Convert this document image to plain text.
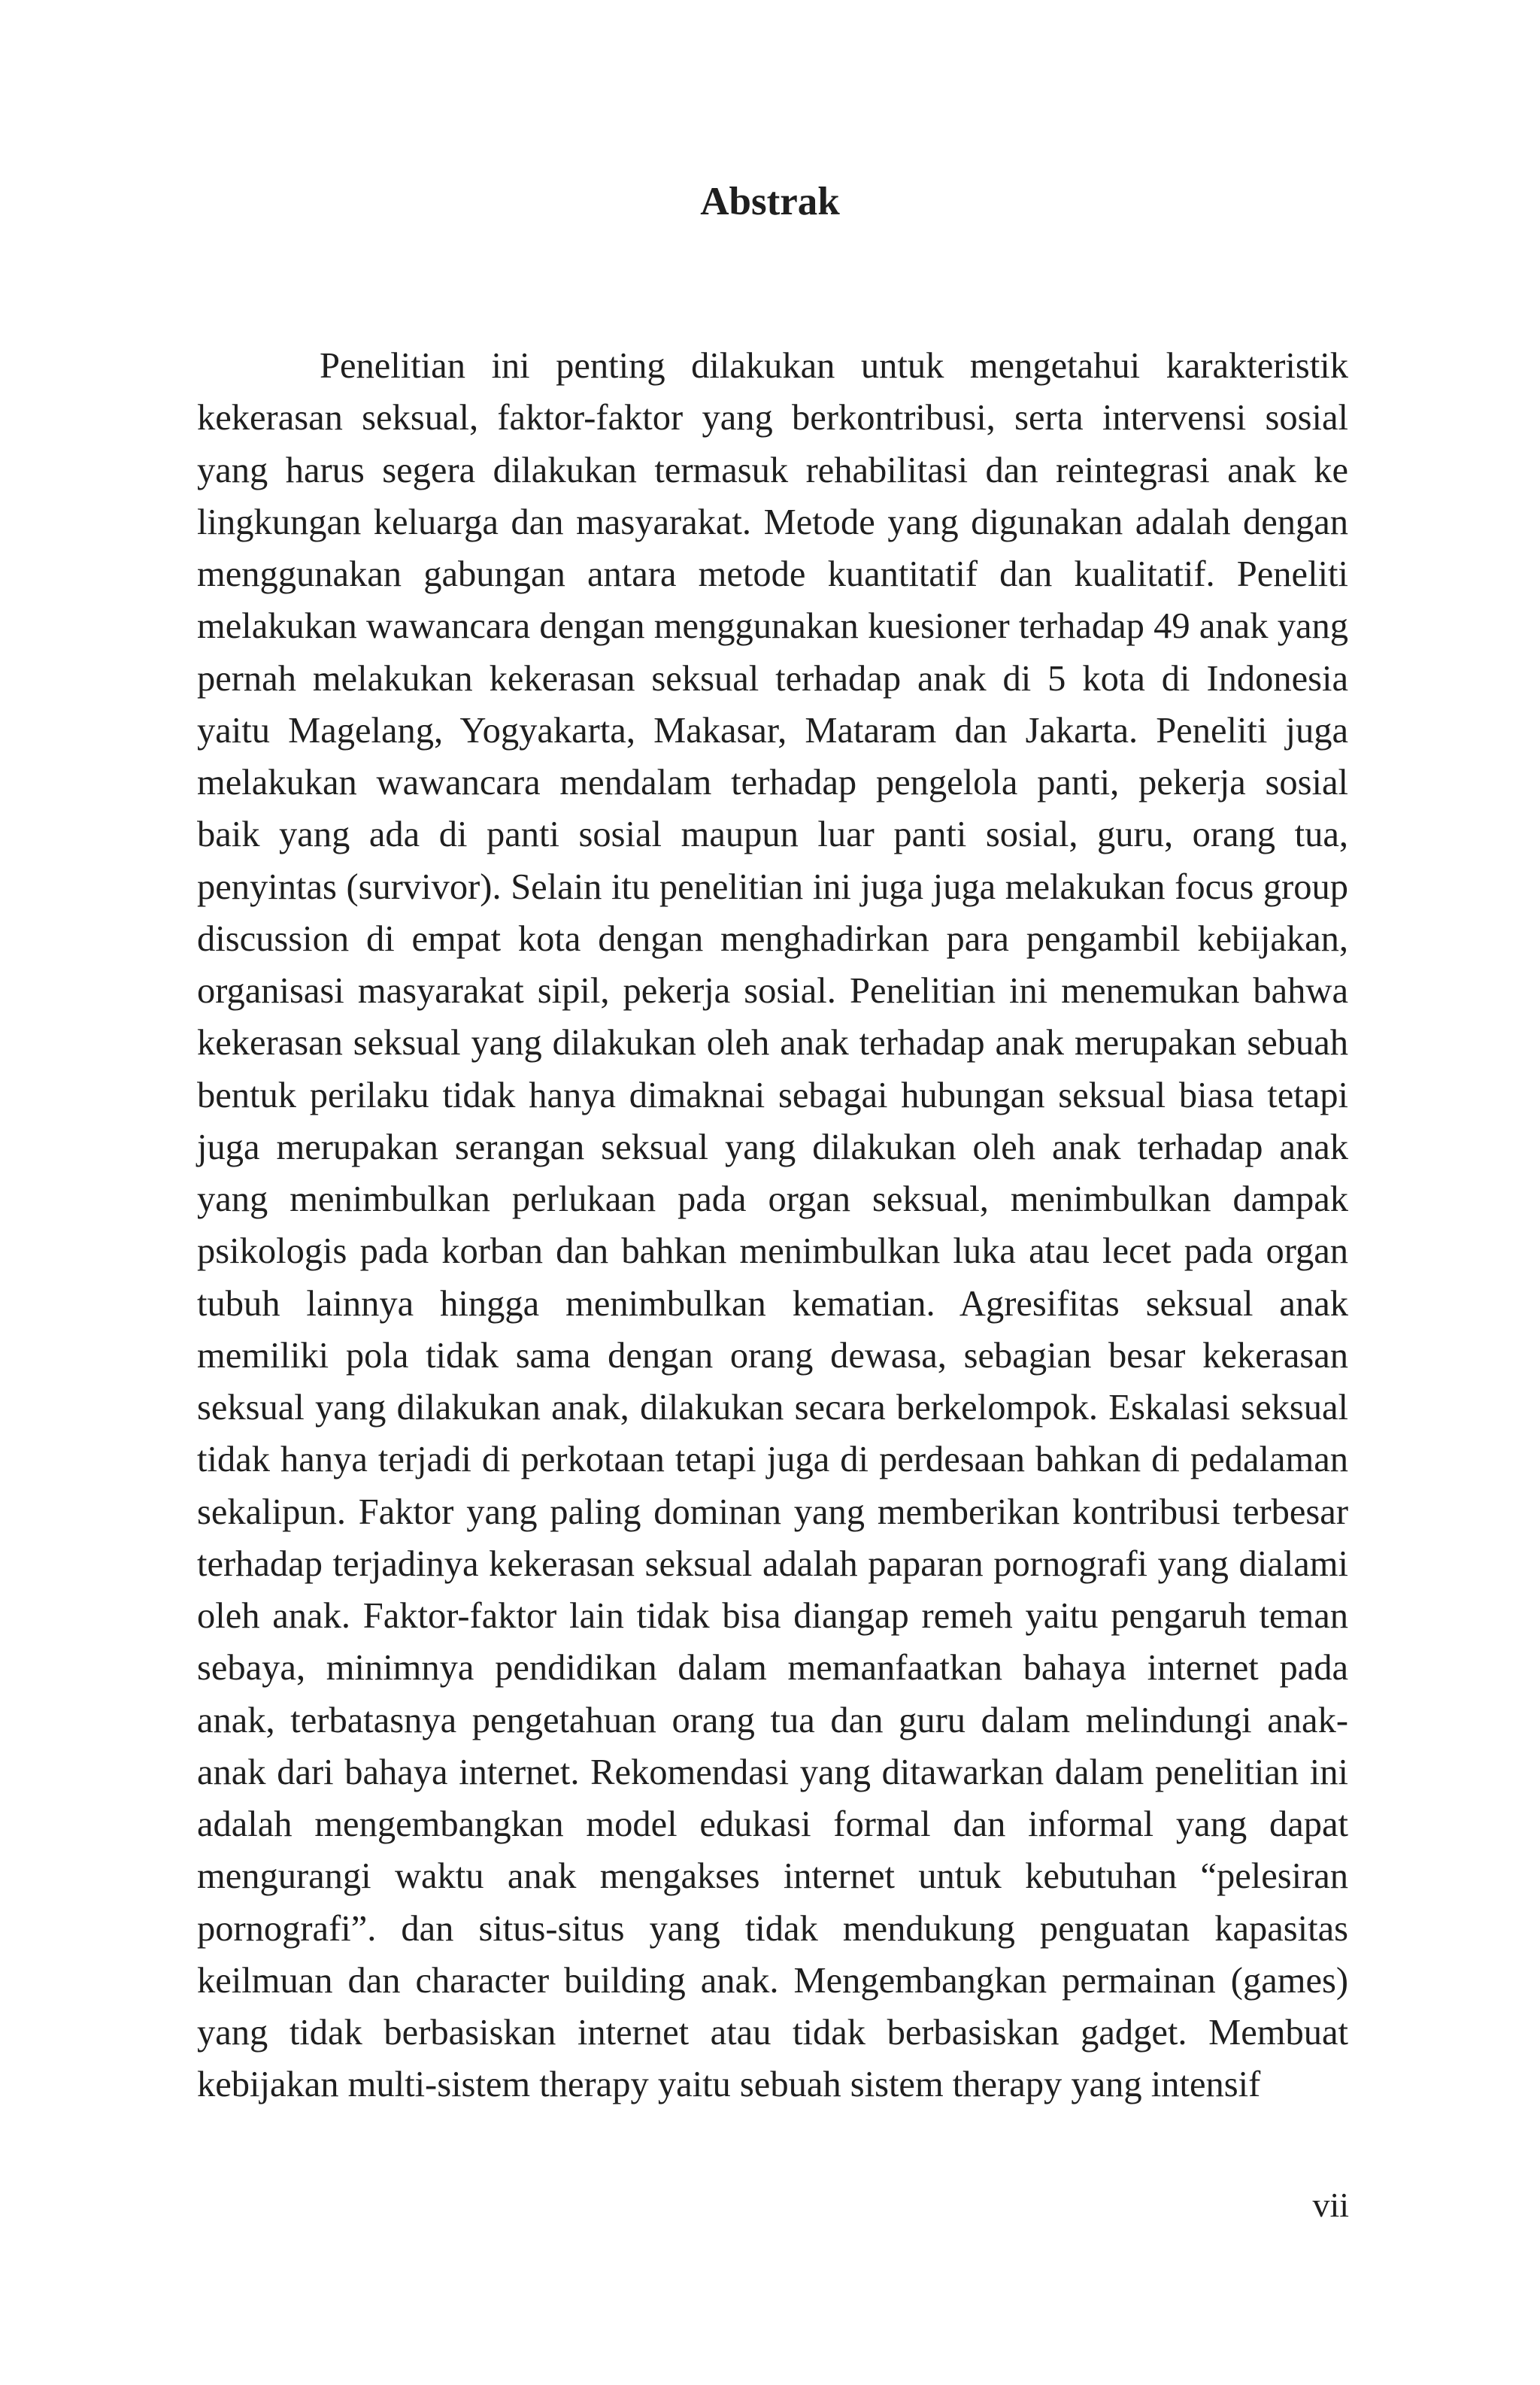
Abstrak

Penelitian ini penting dilakukan untuk mengetahui karakteristik kekerasan seksual, faktor-faktor yang berkontribusi, serta intervensi sosial yang harus segera dilakukan termasuk rehabilitasi dan reintegrasi anak ke lingkungan keluarga dan masyarakat. Metode yang digunakan adalah dengan menggunakan gabungan antara metode kuantitatif dan kualitatif. Peneliti melakukan wawancara dengan menggunakan kuesioner terhadap 49 anak yang pernah melakukan kekerasan seksual terhadap anak di 5 kota di Indonesia yaitu Magelang, Yogyakarta, Makasar, Mataram dan Jakarta. Peneliti juga melakukan wawancara mendalam terhadap pengelola panti, pekerja sosial baik yang ada di panti sosial maupun luar panti sosial, guru, orang tua, penyintas (survivor). Selain itu penelitian ini juga juga melakukan focus group discussion di empat kota dengan menghadirkan para pengambil kebijakan, organisasi masyarakat sipil, pekerja sosial. Penelitian ini menemukan bahwa kekerasan seksual yang dilakukan oleh anak terhadap anak merupakan sebuah bentuk perilaku tidak hanya dimaknai sebagai hubungan seksual biasa tetapi juga merupakan serangan seksual yang dilakukan oleh anak terhadap anak yang menimbulkan perlukaan pada organ seksual, menimbulkan dampak psikologis pada korban dan bahkan menimbulkan luka atau lecet pada organ tubuh lainnya hingga menimbulkan kematian. Agresifitas seksual anak memiliki pola tidak sama dengan orang dewasa, sebagian besar kekerasan seksual yang dilakukan anak, dilakukan secara berkelompok. Eskalasi seksual tidak hanya terjadi di perkotaan tetapi juga di perdesaan bahkan di pedalaman sekalipun. Faktor yang paling dominan yang memberikan kontribusi terbesar terhadap terjadinya kekerasan seksual adalah paparan pornografi yang dialami oleh anak. Faktor-faktor lain tidak bisa diangap remeh yaitu pengaruh teman sebaya, minimnya pendidikan dalam memanfaatkan bahaya internet pada anak, terbatasnya pengetahuan orang tua dan guru dalam melindungi anak-anak dari bahaya internet. Rekomendasi yang ditawarkan dalam penelitian ini adalah mengembangkan model edukasi formal dan informal yang dapat mengurangi waktu anak mengakses internet untuk kebutuhan “pelesiran pornografi”. dan situs-situs yang tidak mendukung penguatan kapasitas keilmuan dan character building anak. Mengembangkan permainan (games) yang tidak berbasiskan internet atau tidak berbasiskan gadget. Membuat kebijakan multi-sistem therapy yaitu sebuah sistem therapy yang intensif

vii
